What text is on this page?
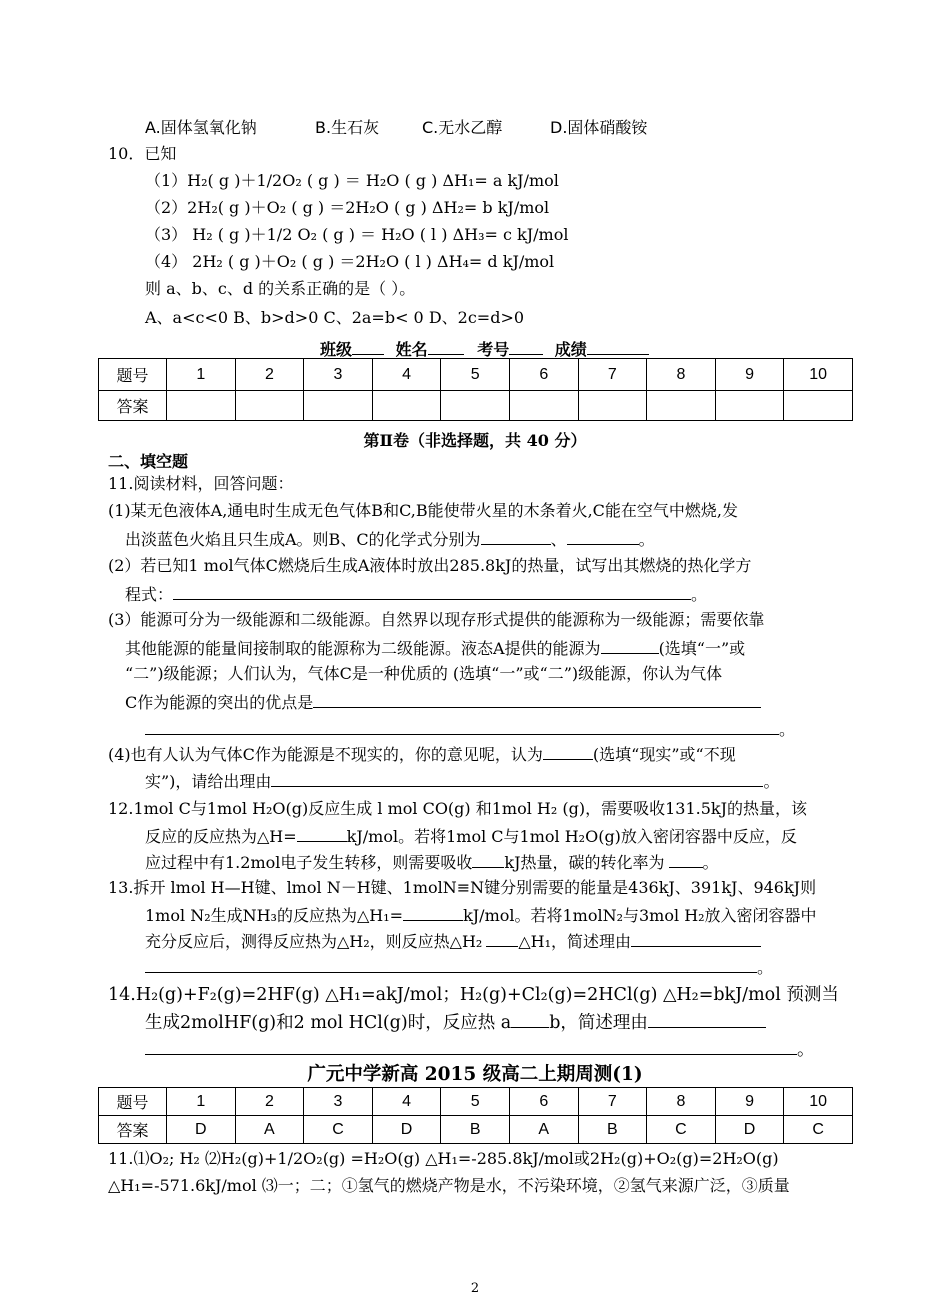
A.固体氢氧化钠	B.生石灰	C.无水乙醇	D.固体硝酸铵
10．已知
（1）H₂( g )＋1/2O₂ ( g ) ＝ H₂O ( g ) ΔH₁= a kJ/mol
（2）2H₂( g )＋O₂ ( g ) ＝2H₂O ( g ) ΔH₂= b kJ/mol
（3） H₂ ( g )＋1/2 O₂ ( g ) ＝ H₂O ( l ) ΔH₃= c kJ/mol
（4） 2H₂ ( g )＋O₂ ( g ) ＝2H₂O ( l ) ΔH₄= d kJ/mol
则 a、b、c、d 的关系正确的是（ ）。
A、a<c<0 B、b>d>0 C、2a=b< 0 D、2c=d>0
班级	姓名	考号	成绩
题号	1	2	3	4	5	6	7	8	9	10
答案										
第Ⅱ卷（非选择题，共 40 分）
二、填空题
11.阅读材料，回答问题：
(1)某无色液体A,通电时生成无色气体B和C,B能使带火星的木条着火,C能在空气中燃烧,发
出淡蓝色火焰且只生成A。则B、C的化学式分别为	、	。
(2）若已知1 mol气体C燃烧后生成A液体时放出285.8kJ的热量，试写出其燃烧的热化学方
程式：	。
(3）能源可分为一级能源和二级能源。自然界以现存形式提供的能源称为一级能源；需要依靠
其他能源的能量间接制取的能源称为二级能源。液态A提供的能源为	(选填“一”或
“二”)级能源；人们认为，气体C是一种优质的 (选填“一”或“二”)级能源，你认为气体
C作为能源的突出的优点是
。
(4)也有人认为气体C作为能源是不现实的，你的意见呢，认为	(选填“现实”或“不现
实”)，请给出理由	。
12.1mol C与1mol H₂O(g)反应生成 l mol CO(g) 和1mol H₂ (g)，需要吸收131.5kJ的热量，该
反应的反应热为△H=	kJ/mol。若将1mol C与1mol H₂O(g)放入密闭容器中反应，反
应过程中有1.2mol电子发生转移，则需要吸收 kJ热量，碳的转化率为 。
13.拆开 lmol H—H键、lmol N－H键、1molN≡N键分别需要的能量是436kJ、391kJ、946kJ则
1mol N₂生成NH₃的反应热为△H₁=	kJ/mol。若将1molN₂与3mol H₂放入密闭容器中
充分反应后，测得反应热为△H₂，则反应热△H₂ △H₁，简述理由
。
14.H₂(g)+F₂(g)=2HF(g) △H₁=akJ/mol；H₂(g)+Cl₂(g)=2HCl(g) △H₂=bkJ/mol 预测当
生成2molHF(g)和2 mol HCl(g)时，反应热 a b，简述理由
。
广元中学新高 2015 级高二上期周测(1)
题号	1	2	3	4	5	6	7	8	9	10
答案	D	A	C	D	B	A	B	C	D	C
11.⑴O₂; H₂ ⑵H₂(g)+1/2O₂(g) =H₂O(g) △H₁=-285.8kJ/mol或2H₂(g)+O₂(g)=2H₂O(g)
△H₁=-571.6kJ/mol ⑶一；二；①氢气的燃烧产物是水，不污染环境，②氢气来源广泛，③质量
2
